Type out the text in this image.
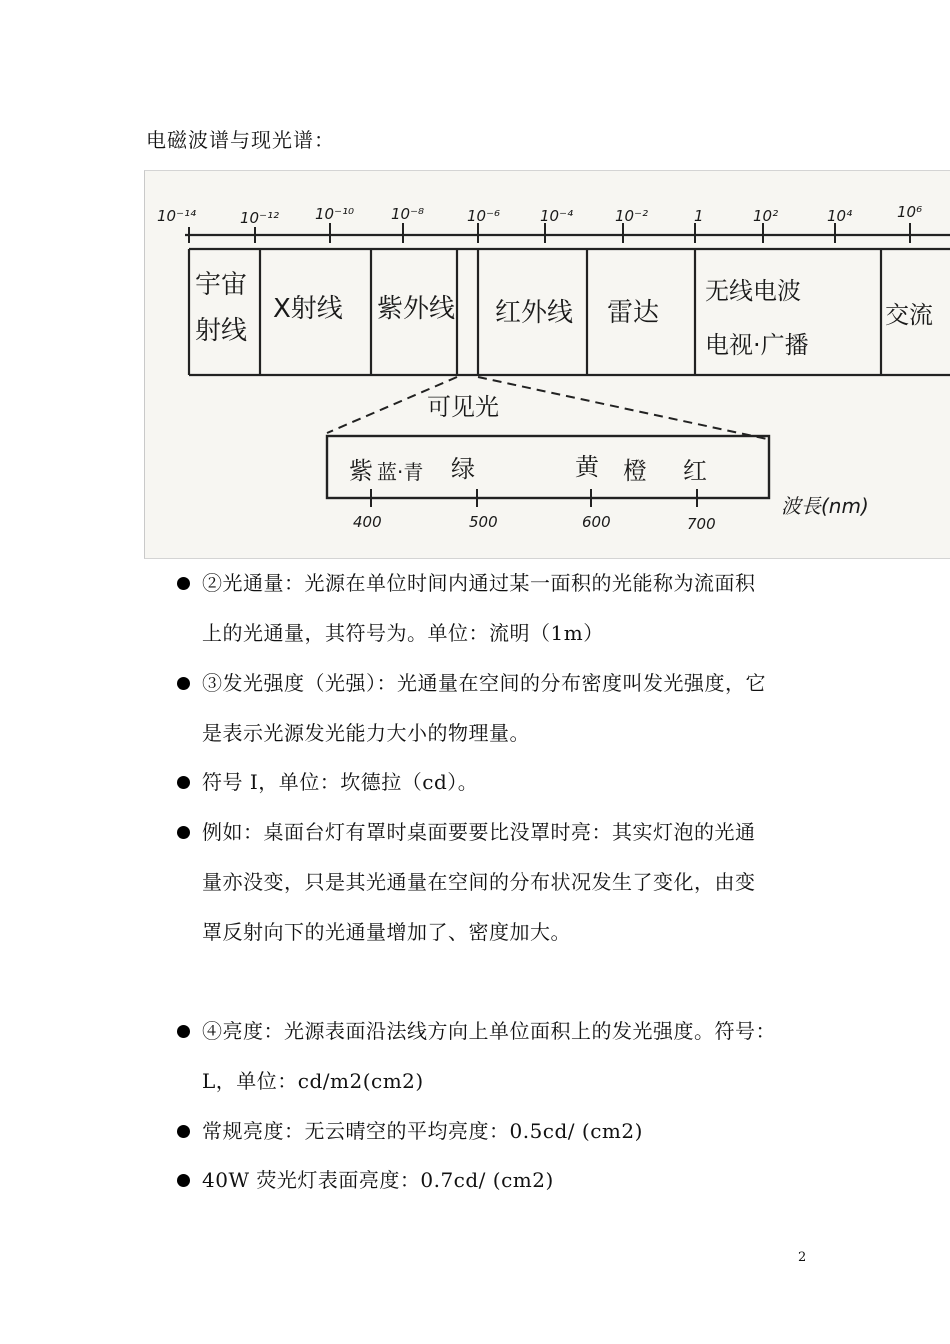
电磁波谱与现光谱：
10⁻¹⁴	10⁻¹² 10⁻¹⁰ 10⁻⁸	10⁻⁶	10⁻⁴	10⁻²	1	10²	10⁴	10⁶
宇宙
射线
X射线 紫外线 红外线 雷达
无线电波
电视·广播
交流
可见光
紫 蓝·青 绿	黄 橙 红
400	500	600	700
波長(nm)
②光通量：光源在单位时间内通过某一面积的光能称为流面积
上的光通量，其符号为。单位：流明（1m）
③发光强度（光强）：光通量在空间的分布密度叫发光强度，它
是表示光源发光能力大小的物理量。
符号 I，单位：坎德拉（cd）。
例如：桌面台灯有罩时桌面要要比没罩时亮：其实灯泡的光通
量亦没变，只是其光通量在空间的分布状况发生了变化，由变
罩反射向下的光通量增加了、密度加大。
④亮度：光源表面沿法线方向上单位面积上的发光强度。符号：
L，单位：cd/m2(cm2)
常规亮度：无云晴空的平均亮度：0.5cd/ (cm2)
40W 荧光灯表面亮度：0.7cd/ (cm2)
2
